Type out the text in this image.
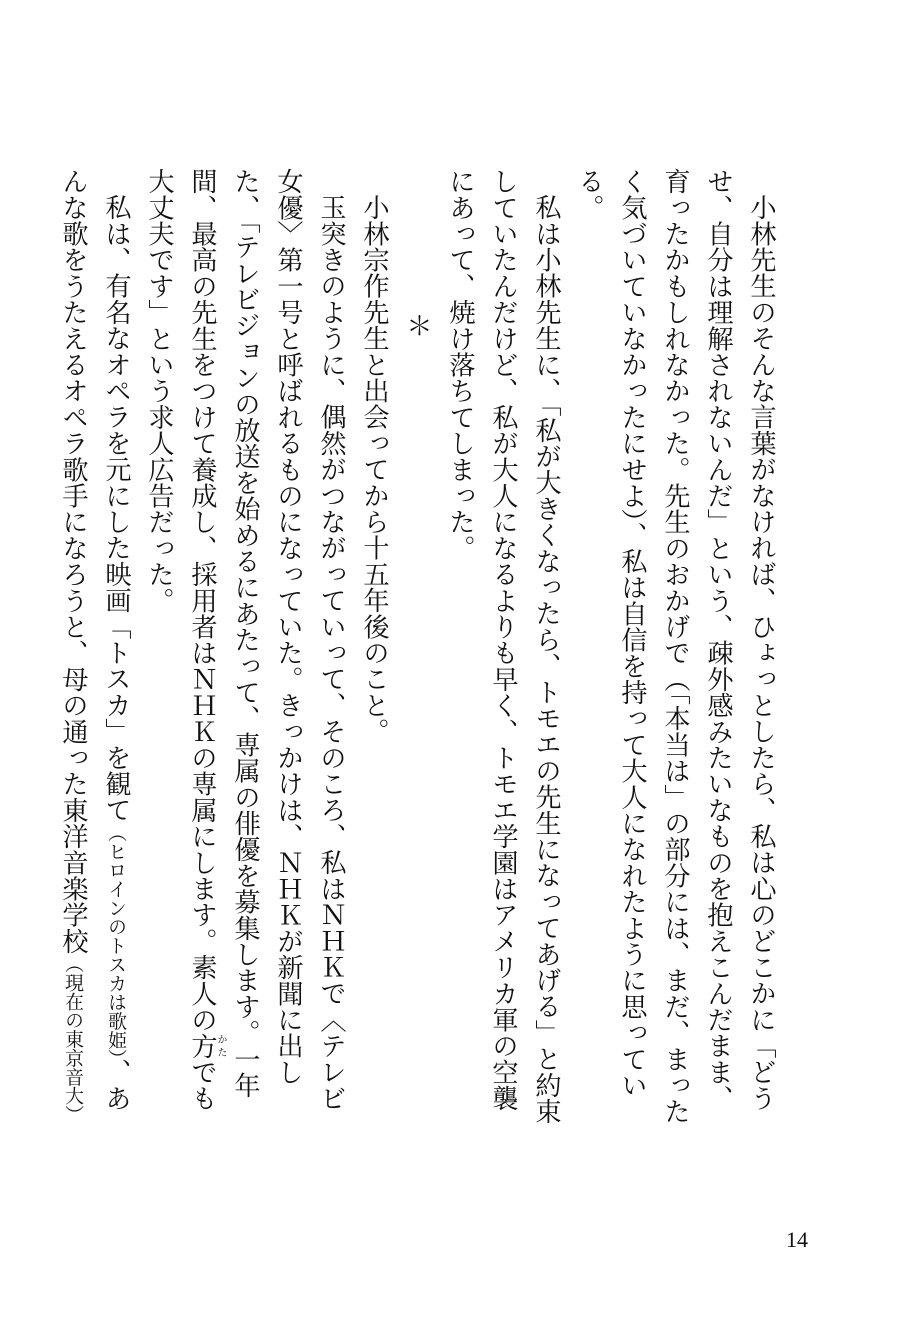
小林先生のそんな言葉がなければ、ひょっとしたら、私は心のどこかに「どうせ、自分は理解されないんだ」という、疎外感みたいなものを抱えこんだまま、育ったかもしれなかった。先生のおかげで（「本当は」の部分には、まだ、まったく気づいていなかったにせよ）、私は自信を持って大人になれたように思っている。

私は小林先生に、「私が大きくなったら、トモエの先生になってあげる」と約束していたんだけど、私が大人になるよりも早く、トモエ学園はアメリカ軍の空襲にあって、焼け落ちてしまった。

＊

小林宗作先生と出会ってから十五年後のこと。

玉突きのように、偶然がつながっていって、そのころ、私はＮＨＫで〈テレビ女優〉第一号と呼ばれるものになっていた。きっかけは、ＮＨＫが新聞に出した、「テレビジョンの放送を始めるにあたって、専属の俳優を募集します。一年間、最高の先生をつけて養成し、採用者はＮＨＫの専属にします。素人の方かたでも大丈夫です」という求人広告だった。

私は、有名なオペラを元にした映画「トスカ」を観て（ヒロインのトスカは歌姫）、あんな歌をうたえるオペラ歌手になろうと、母の通った東洋音楽学校（現在の東京音大）

14
